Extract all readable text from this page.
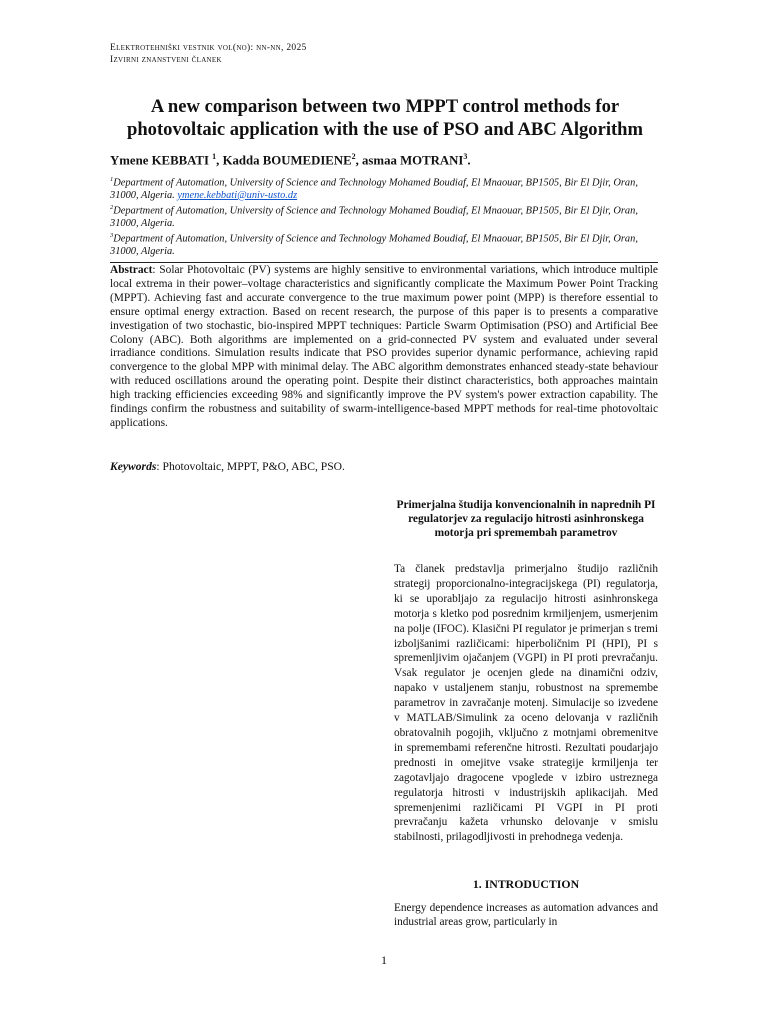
Elektrotehniški vestnik vol(no): nn-nn, 2025
Izvirni znanstveni članek
A new comparison between two MPPT control methods for photovoltaic application with the use of PSO and ABC Algorithm
Ymene KEBBATI $^1$, Kadda BOUMEDIENE$^2$, asmaa MOTRANI$^3$.
$^1$Department of Automation, University of Science and Technology Mohamed Boudiaf, El Mnaouar, BP1505, Bir El Djir, Oran, 31000, Algeria. ymene.kebbati@univ-usto.dz
$^2$Department of Automation, University of Science and Technology Mohamed Boudiaf, El Mnaouar, BP1505, Bir El Djir, Oran, 31000, Algeria.
$^3$Department of Automation, University of Science and Technology Mohamed Boudiaf, El Mnaouar, BP1505, Bir El Djir, Oran, 31000, Algeria.
Abstract: Solar Photovoltaic (PV) systems are highly sensitive to environmental variations, which introduce multiple local extrema in their power–voltage characteristics and significantly complicate the Maximum Power Point Tracking (MPPT). Achieving fast and accurate convergence to the true maximum power point (MPP) is therefore essential to ensure optimal energy extraction. Based on recent research, the purpose of this paper is to presents a comparative investigation of two stochastic, bio-inspired MPPT techniques: Particle Swarm Optimisation (PSO) and Artificial Bee Colony (ABC). Both algorithms are implemented on a grid-connected PV system and evaluated under several irradiance conditions. Simulation results indicate that PSO provides superior dynamic performance, achieving rapid convergence to the global MPP with minimal delay. The ABC algorithm demonstrates enhanced steady-state behaviour with reduced oscillations around the operating point. Despite their distinct characteristics, both approaches maintain high tracking efficiencies exceeding 98% and significantly improve the PV system's power extraction capability. The findings confirm the robustness and suitability of swarm-intelligence-based MPPT methods for real-time photovoltaic applications.
Keywords: Photovoltaic, MPPT, P&O, ABC, PSO.
Primerjalna študija konvencionalnih in naprednih PI regulatorjev za regulacijo hitrosti asinhronskega motorja pri spremembah parametrov
Ta članek predstavlja primerjalno študijo različnih strategij proporcionalno-integracijskega (PI) regulatorja, ki se uporabljajo za regulacijo hitrosti asinhronskega motorja s kletko pod posrednim krmiljenjem, usmerjenim na polje (IFOC). Klasični PI regulator je primerjan s tremi izboljšanimi različicami: hiperboličnim PI (HPI), PI s spremenljivim ojačanjem (VGPI) in PI proti prevračanju. Vsak regulator je ocenjen glede na dinamični odziv, napako v ustaljenem stanju, robustnost na spremembe parametrov in zavračanje motenj. Simulacije so izvedene v MATLAB/Simulink za oceno delovanja v različnih obratovalnih pogojih, vključno z motnjami obremenitve in spremembami referenčne hitrosti. Rezultati poudarjajo prednosti in omejitve vsake strategije krmiljenja ter zagotavljajo dragocene vpoglede v izbiro ustreznega regulatorja hitrosti v industrijskih aplikacijah. Med spremenjenimi različicami PI VGPI in PI proti prevračanju kažeta vrhunsko delovanje v smislu stabilnosti, prilagodljivosti in prehodnega vedenja.
1. INTRODUCTION
Energy dependence increases as automation advances and industrial areas grow, particularly in
1
